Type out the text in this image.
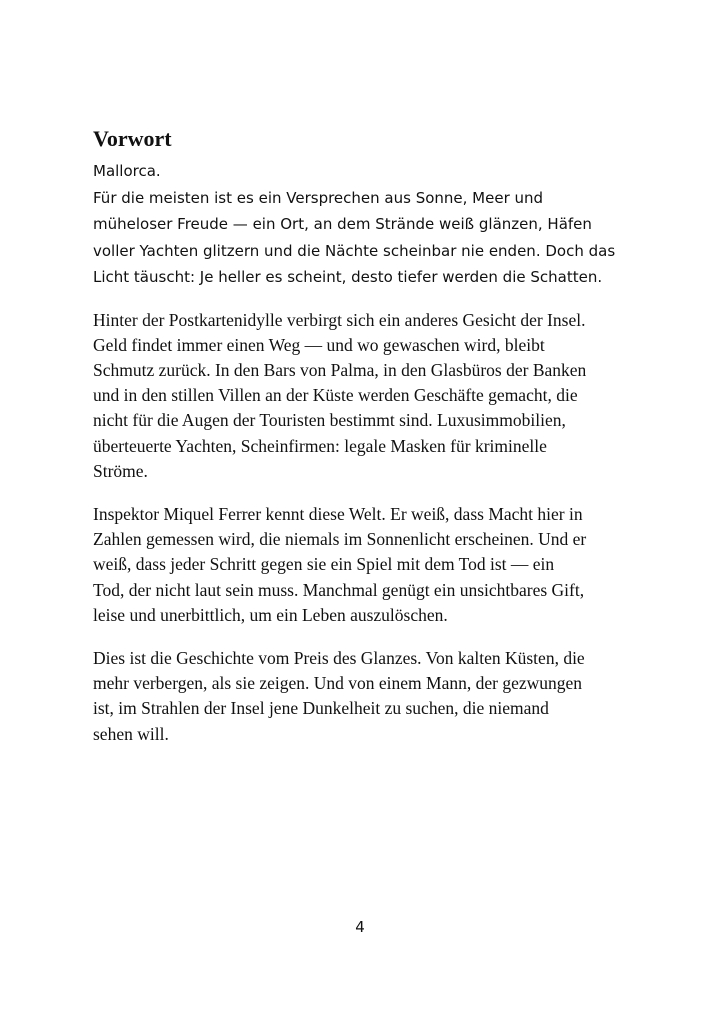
Vorwort
Mallorca.
Für die meisten ist es ein Versprechen aus Sonne, Meer und
müheloser Freude — ein Ort, an dem Strände weiß glänzen, Häfen
voller Yachten glitzern und die Nächte scheinbar nie enden. Doch das
Licht täuscht: Je heller es scheint, desto tiefer werden die Schatten.
Hinter der Postkartenidylle verbirgt sich ein anderes Gesicht der Insel.
Geld findet immer einen Weg — und wo gewaschen wird, bleibt
Schmutz zurück. In den Bars von Palma, in den Glasbüros der Banken
und in den stillen Villen an der Küste werden Geschäfte gemacht, die
nicht für die Augen der Touristen bestimmt sind. Luxusimmobilien,
überteuerte Yachten, Scheinfirmen: legale Masken für kriminelle
Ströme.
Inspektor Miquel Ferrer kennt diese Welt. Er weiß, dass Macht hier in
Zahlen gemessen wird, die niemals im Sonnenlicht erscheinen. Und er
weiß, dass jeder Schritt gegen sie ein Spiel mit dem Tod ist — ein
Tod, der nicht laut sein muss. Manchmal genügt ein unsichtbares Gift,
leise und unerbittlich, um ein Leben auszulöschen.
Dies ist die Geschichte vom Preis des Glanzes. Von kalten Küsten, die
mehr verbergen, als sie zeigen. Und von einem Mann, der gezwungen
ist, im Strahlen der Insel jene Dunkelheit zu suchen, die niemand
sehen will.
4
